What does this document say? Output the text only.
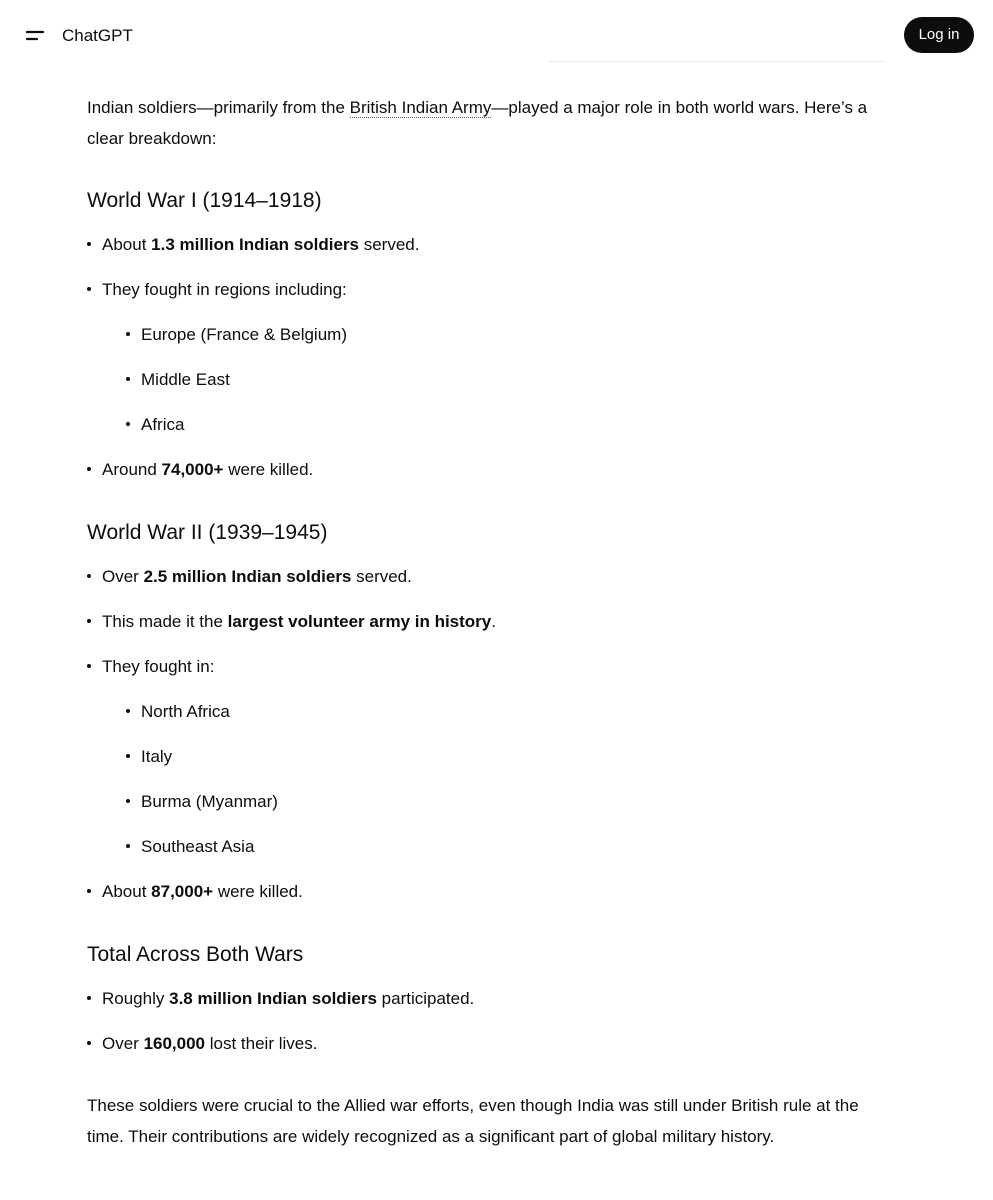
ChatGPT	Log in

Indian soldiers—primarily from the British Indian Army—played a major role in both world wars. Here’s a clear breakdown:

World War I (1914–1918)
About 1.3 million Indian soldiers served.
They fought in regions including:
Europe (France & Belgium)
Middle East
Africa
Around 74,000+ were killed.
World War II (1939–1945)
Over 2.5 million Indian soldiers served.
This made it the largest volunteer army in history.
They fought in:
North Africa
Italy
Burma (Myanmar)
Southeast Asia
About 87,000+ were killed.
Total Across Both Wars
Roughly 3.8 million Indian soldiers participated.
Over 160,000 lost their lives.

These soldiers were crucial to the Allied war efforts, even though India was still under British rule at the time. Their contributions are widely recognized as a significant part of global military history.
